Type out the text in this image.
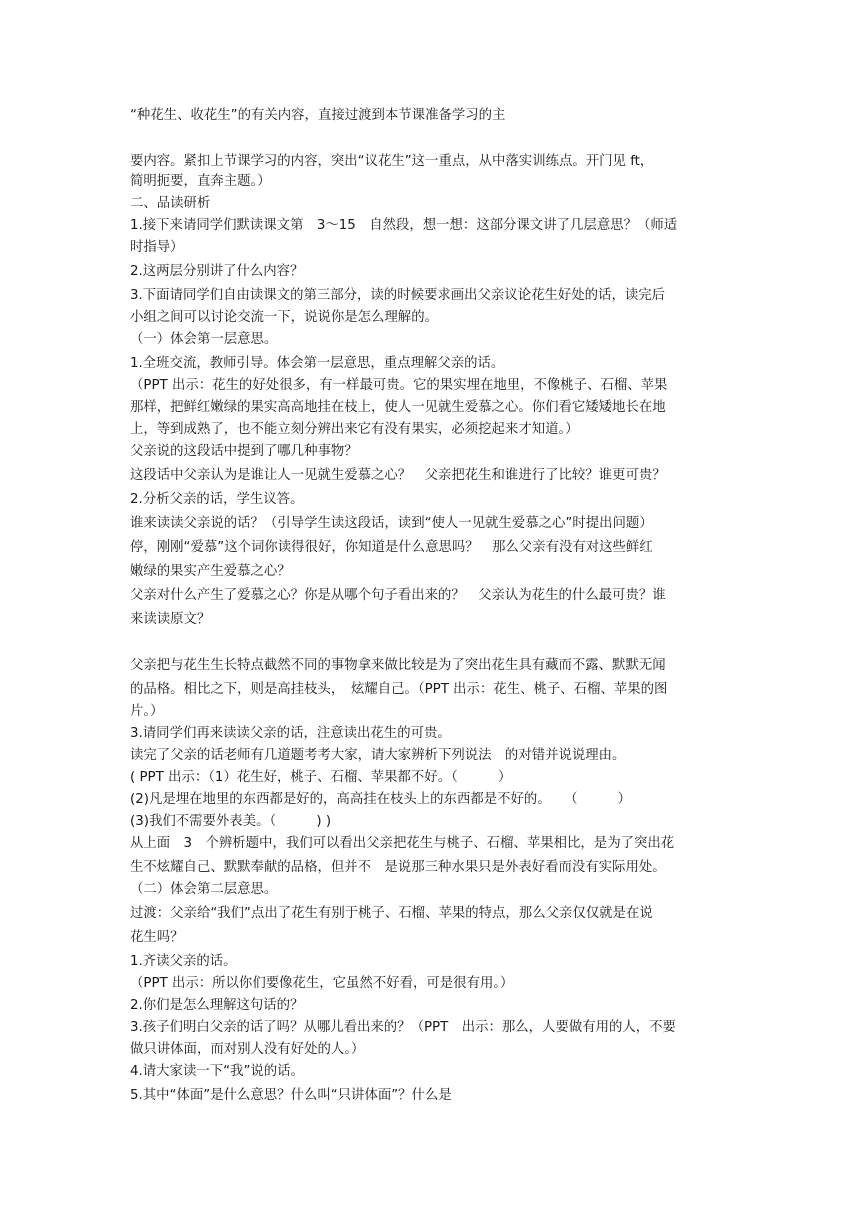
“种花生、收花生”的有关内容，直接过渡到本节课准备学习的主
要内容。紧扣上节课学习的内容，突出“议花生”这一重点，从中落实训练点。开门见 ft，
简明扼要，直奔主题。）
二、品读研析
1.接下来请同学们默读课文第　3～15　自然段，想一想：这部分课文讲了几层意思？（师适
时指导）
2.这两层分别讲了什么内容？
3.下面请同学们自由读课文的第三部分，读的时候要求画出父亲议论花生好处的话，读完后
小组之间可以讨论交流一下，说说你是怎么理解的。
（一）体会第一层意思。
1.全班交流，教师引导。体会第一层意思，重点理解父亲的话。
（PPT 出示：花生的好处很多，有一样最可贵。它的果实埋在地里，不像桃子、石榴、苹果
那样，把鲜红嫩绿的果实高高地挂在枝上，使人一见就生爱慕之心。你们看它矮矮地长在地
上，等到成熟了，也不能立刻分辨出来它有没有果实，必须挖起来才知道。）
父亲说的这段话中提到了哪几种事物？
这段话中父亲认为是谁让人一见就生爱慕之心？　父亲把花生和谁进行了比较？谁更可贵？
2.分析父亲的话，学生议答。
谁来读读父亲说的话？（引导学生读这段话，读到“使人一见就生爱慕之心”时提出问题）
停，刚刚“爱慕”这个词你读得很好，你知道是什么意思吗？　那么父亲有没有对这些鲜红
嫩绿的果实产生爱慕之心？
父亲对什么产生了爱慕之心？你是从哪个句子看出来的？　父亲认为花生的什么最可贵？谁
来读读原文？
父亲把与花生生长特点截然不同的事物拿来做比较是为了突出花生具有藏而不露、默默无闻
的品格。相比之下，则是高挂枝头，　炫耀自己。（PPT 出示：花生、桃子、石榴、苹果的图
片。）
3.请同学们再来读读父亲的话，注意读出花生的可贵。
读完了父亲的话老师有几道题考考大家，请大家辨析下列说法　的对错并说说理由。
( PPT 出示：（1）花生好，桃子、石榴、苹果都不好。（　　　）
(2)凡是埋在地里的东西都是好的，高高挂在枝头上的东西都是不好的。　　（　　　）
(3)我们不需要外表美。（　　　) )
从上面　3　个辨析题中，我们可以看出父亲把花生与桃子、石榴、苹果相比，是为了突出花
生不炫耀自己、默默奉献的品格，但并不　是说那三种水果只是外表好看而没有实际用处。
（二）体会第二层意思。
过渡：父亲给“我们”点出了花生有别于桃子、石榴、苹果的特点，那么父亲仅仅就是在说
花生吗？
1.齐读父亲的话。
（PPT 出示：所以你们要像花生，它虽然不好看，可是很有用。）
2.你们是怎么理解这句话的？
3.孩子们明白父亲的话了吗？从哪儿看出来的？（PPT　出示：那么，人要做有用的人，不要
做只讲体面，而对别人没有好处的人。）
4.请大家读一下“我”说的话。
5.其中“体面”是什么意思？什么叫“只讲体面”？什么是
